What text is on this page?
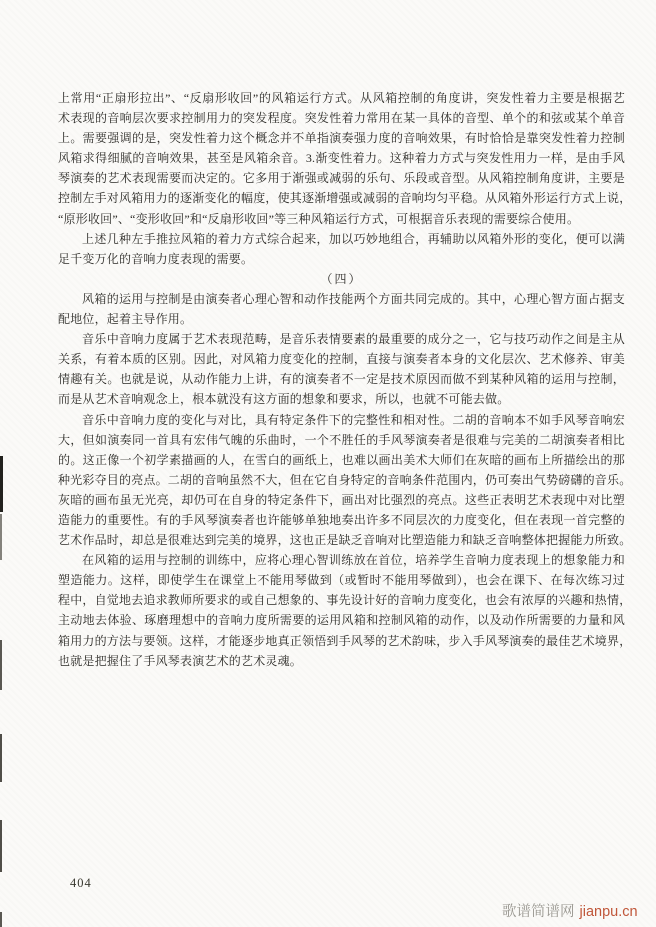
上常用“正扇形拉出”、“反扇形收回”的风箱运行方式。从风箱控制的角度讲，突发性着力主要是根据艺
术表现的音响层次要求控制用力的突发程度。突发性着力常用在某一具体的音型、单个的和弦或某个单音
上。需要强调的是，突发性着力这个概念并不单指演奏强力度的音响效果，有时恰恰是靠突发性着力控制
风箱求得细腻的音响效果，甚至是风箱余音。3.渐变性着力。这种着力方式与突发性用力一样，是由手风
琴演奏的艺术表现需要而决定的。它多用于渐强或减弱的乐句、乐段或音型。从风箱控制角度讲，主要是
控制左手对风箱用力的逐渐变化的幅度，使其逐渐增强或减弱的音响均匀平稳。从风箱外形运行方式上说，
“原形收回”、“变形收回”和“反扇形收回”等三种风箱运行方式，可根据音乐表现的需要综合使用。
上述几种左手推拉风箱的着力方式综合起来，加以巧妙地组合，再辅助以风箱外形的变化，便可以满
足千变万化的音响力度表现的需要。
（四）
风箱的运用与控制是由演奏者心理心智和动作技能两个方面共同完成的。其中，心理心智方面占据支
配地位，起着主导作用。
音乐中音响力度属于艺术表现范畴，是音乐表情要素的最重要的成分之一，它与技巧动作之间是主从
关系，有着本质的区别。因此，对风箱力度变化的控制，直接与演奏者本身的文化层次、艺术修养、审美
情趣有关。也就是说，从动作能力上讲，有的演奏者不一定是技术原因而做不到某种风箱的运用与控制，
而是从艺术音响观念上，根本就没有这方面的想象和要求，所以，也就不可能去做。
音乐中音响力度的变化与对比，具有特定条件下的完整性和相对性。二胡的音响本不如手风琴音响宏
大，但如演奏同一首具有宏伟气魄的乐曲时，一个不胜任的手风琴演奏者是很难与完美的二胡演奏者相比
的。这正像一个初学素描画的人，在雪白的画纸上，也难以画出美术大师们在灰暗的画布上所描绘出的那
种光彩夺目的亮点。二胡的音响虽然不大，但在它自身特定的音响条件范围内，仍可奏出气势磅礴的音乐。
灰暗的画布虽无光亮，却仍可在自身的特定条件下，画出对比强烈的亮点。这些正表明艺术表现中对比塑
造能力的重要性。有的手风琴演奏者也许能够单独地奏出许多不同层次的力度变化，但在表现一首完整的
艺术作品时，却总是很难达到完美的境界，这也正是缺乏音响对比塑造能力和缺乏音响整体把握能力所致。
在风箱的运用与控制的训练中，应将心理心智训练放在首位，培养学生音响力度表现上的想象能力和
塑造能力。这样，即使学生在课堂上不能用琴做到（或暂时不能用琴做到），也会在课下、在每次练习过
程中，自觉地去追求教师所要求的或自己想象的、事先设计好的音响力度变化，也会有浓厚的兴趣和热情，
主动地去体验、琢磨理想中的音响力度所需要的运用风箱和控制风箱的动作，以及动作所需要的力量和风
箱用力的方法与要领。这样，才能逐步地真正领悟到手风琴的艺术韵味，步入手风琴演奏的最佳艺术境界，
也就是把握住了手风琴表演艺术的艺术灵魂。
404
歌谱简谱网 jianpu.cn
